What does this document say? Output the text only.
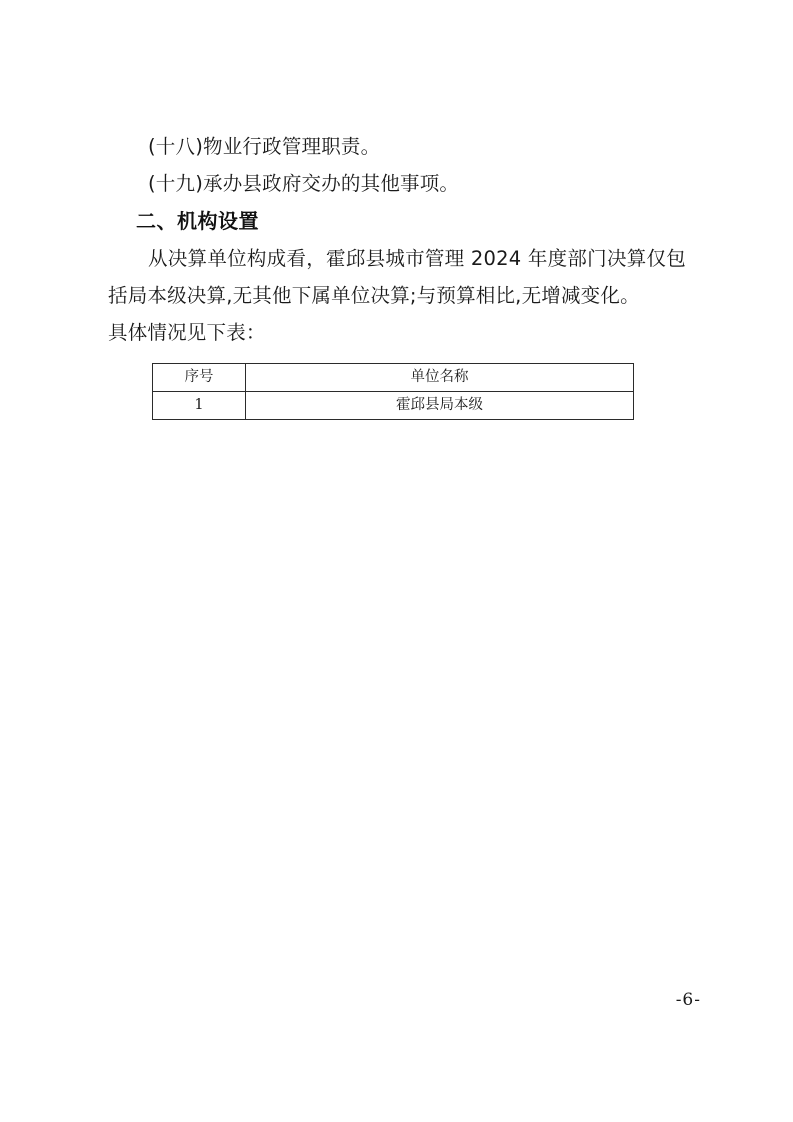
(十八)物业行政管理职责。
(十九)承办县政府交办的其他事项。
二、机构设置
从决算单位构成看，霍邱县城市管理 2024 年度部门决算仅包括局本级决算,无其他下属单位决算;与预算相比,无增减变化。
具体情况见下表：
序号	单位名称
1	霍邱县局本级
-6-
